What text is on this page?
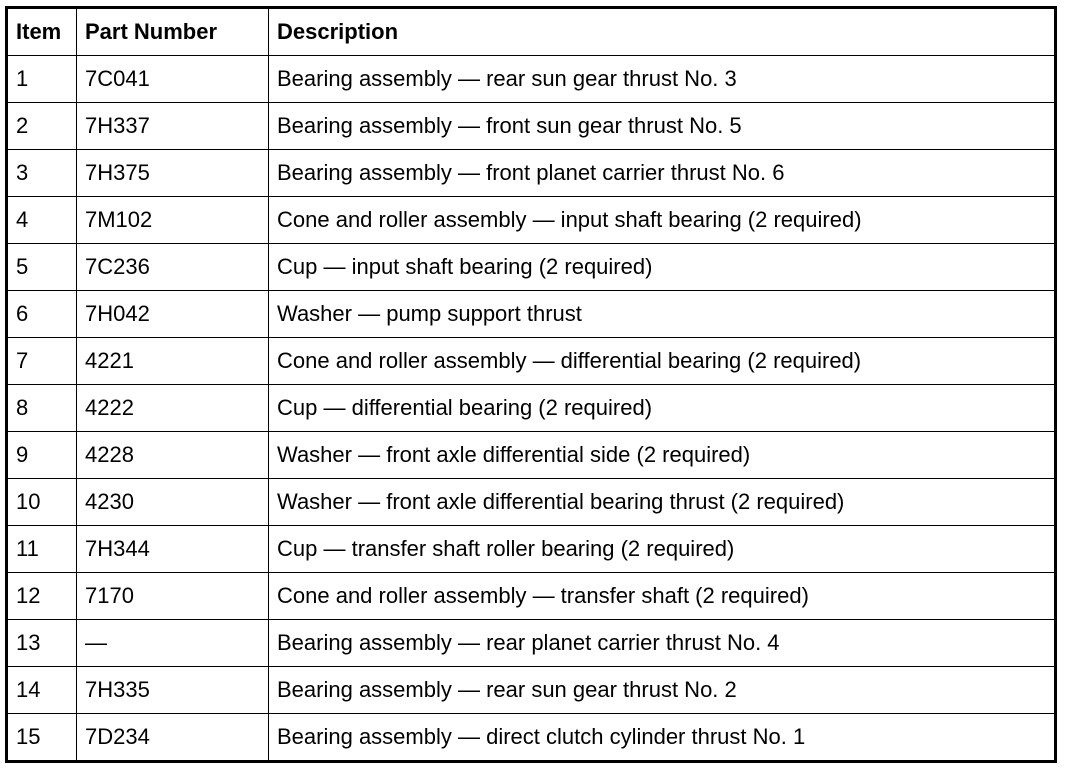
Item	Part Number	Description
1	7C041	Bearing assembly — rear sun gear thrust No. 3
2	7H337	Bearing assembly — front sun gear thrust No. 5
3	7H375	Bearing assembly — front planet carrier thrust No. 6
4	7M102	Cone and roller assembly — input shaft bearing (2 required)
5	7C236	Cup — input shaft bearing (2 required)
6	7H042	Washer — pump support thrust
7	4221	Cone and roller assembly — differential bearing (2 required)
8	4222	Cup — differential bearing (2 required)
9	4228	Washer — front axle differential side (2 required)
10	4230	Washer — front axle differential bearing thrust (2 required)
11	7H344	Cup — transfer shaft roller bearing (2 required)
12	7170	Cone and roller assembly — transfer shaft (2 required)
13	—	Bearing assembly — rear planet carrier thrust No. 4
14	7H335	Bearing assembly — rear sun gear thrust No. 2
15	7D234	Bearing assembly — direct clutch cylinder thrust No. 1
